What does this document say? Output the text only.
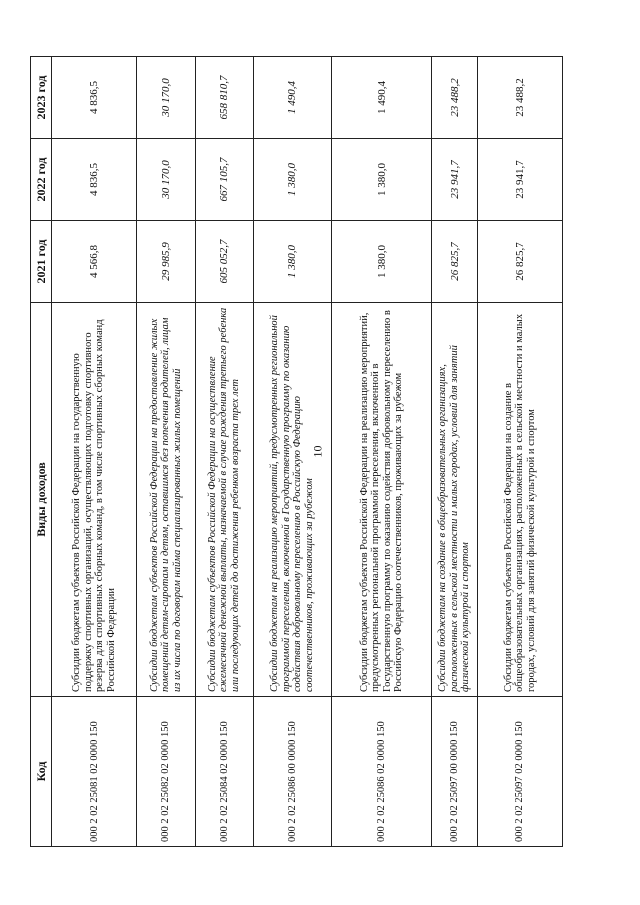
10
Код	Виды доходов	2021 год	2022 год	2023 год
000 2 02 25081 02 0000 150	Субсидии бюджетам субъектов Российской Федерации на государственную поддержку спортивных организаций, осуществляющих подготовку спортивного резерва для спортивных сборных команд, в том числе спортивных сборных команд Российской Федерации	4 566,8	4 836,5	4 836,5
000 2 02 25082 02 0000 150	Субсидии бюджетам субъектов Российской Федерации на предоставление жилых помещений детям-сиротам и детям, оставшимся без попечения родителей, лицам из их числа по договорам найма специализированных жилых помещений	29 985,9	30 170,0	30 170,0
000 2 02 25084 02 0000 150	Субсидии бюджетам субъектов Российской Федерации на осуществление ежемесячной денежной выплаты, назначаемой в случае рождения третьего ребенка или последующих детей до достижения ребенком возраста трех лет	605 052,7	667 105,7	658 810,7
000 2 02 25086 00 0000 150	Субсидии бюджетам на реализацию мероприятий, предусмотренных региональной программой переселения, включенной в Государственную программу по оказанию содействия добровольному переселению в Российскую Федерацию соотечественников, проживающих за рубежом	1 380,0	1 380,0	1 490,4
000 2 02 25086 02 0000 150	Субсидии бюджетам субъектов Российской Федерации на реализацию мероприятий, предусмотренных региональной программой переселения, включенной в Государственную программу по оказанию содействия добровольному переселению в Российскую Федерацию соотечественников, проживающих за рубежом	1 380,0	1 380,0	1 490,4
000 2 02 25097 00 0000 150	Субсидии бюджетам на создание в общеобразовательных организациях, расположенных в сельской местности и малых городах, условий для занятий физической культурой и спортом	26 825,7	23 941,7	23 488,2
000 2 02 25097 02 0000 150	Субсидии бюджетам субъектов Российской Федерации на создание в общеобразовательных организациях, расположенных в сельской местности и малых городах, условий для занятий физической культурой и спортом	26 825,7	23 941,7	23 488,2
